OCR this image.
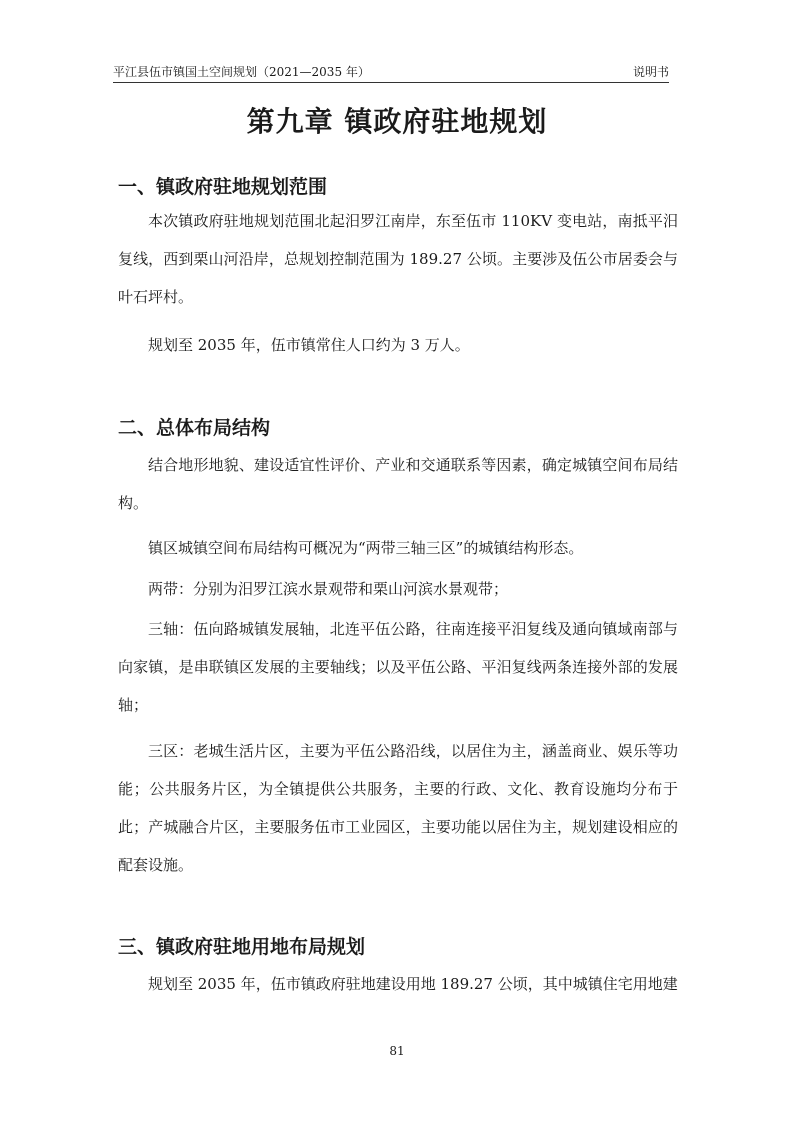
平江县伍市镇国土空间规划（2021—2035 年）	说明书
第九章 镇政府驻地规划
一、镇政府驻地规划范围
本次镇政府驻地规划范围北起汨罗江南岸，东至伍市 110KV 变电站，南抵平汨复线，西到栗山河沿岸，总规划控制范围为 189.27 公顷。主要涉及伍公市居委会与叶石坪村。
规划至 2035 年，伍市镇常住人口约为 3 万人。
二、总体布局结构
结合地形地貌、建设适宜性评价、产业和交通联系等因素，确定城镇空间布局结构。
镇区城镇空间布局结构可概况为“两带三轴三区”的城镇结构形态。
两带：分别为汨罗江滨水景观带和栗山河滨水景观带；
三轴：伍向路城镇发展轴，北连平伍公路，往南连接平汨复线及通向镇域南部与向家镇，是串联镇区发展的主要轴线；以及平伍公路、平汨复线两条连接外部的发展轴；
三区：老城生活片区，主要为平伍公路沿线，以居住为主，涵盖商业、娱乐等功能；公共服务片区，为全镇提供公共服务，主要的行政、文化、教育设施均分布于此；产城融合片区，主要服务伍市工业园区，主要功能以居住为主，规划建设相应的配套设施。
三、镇政府驻地用地布局规划
规划至 2035 年，伍市镇政府驻地建设用地 189.27 公顷，其中城镇住宅用地建
81
